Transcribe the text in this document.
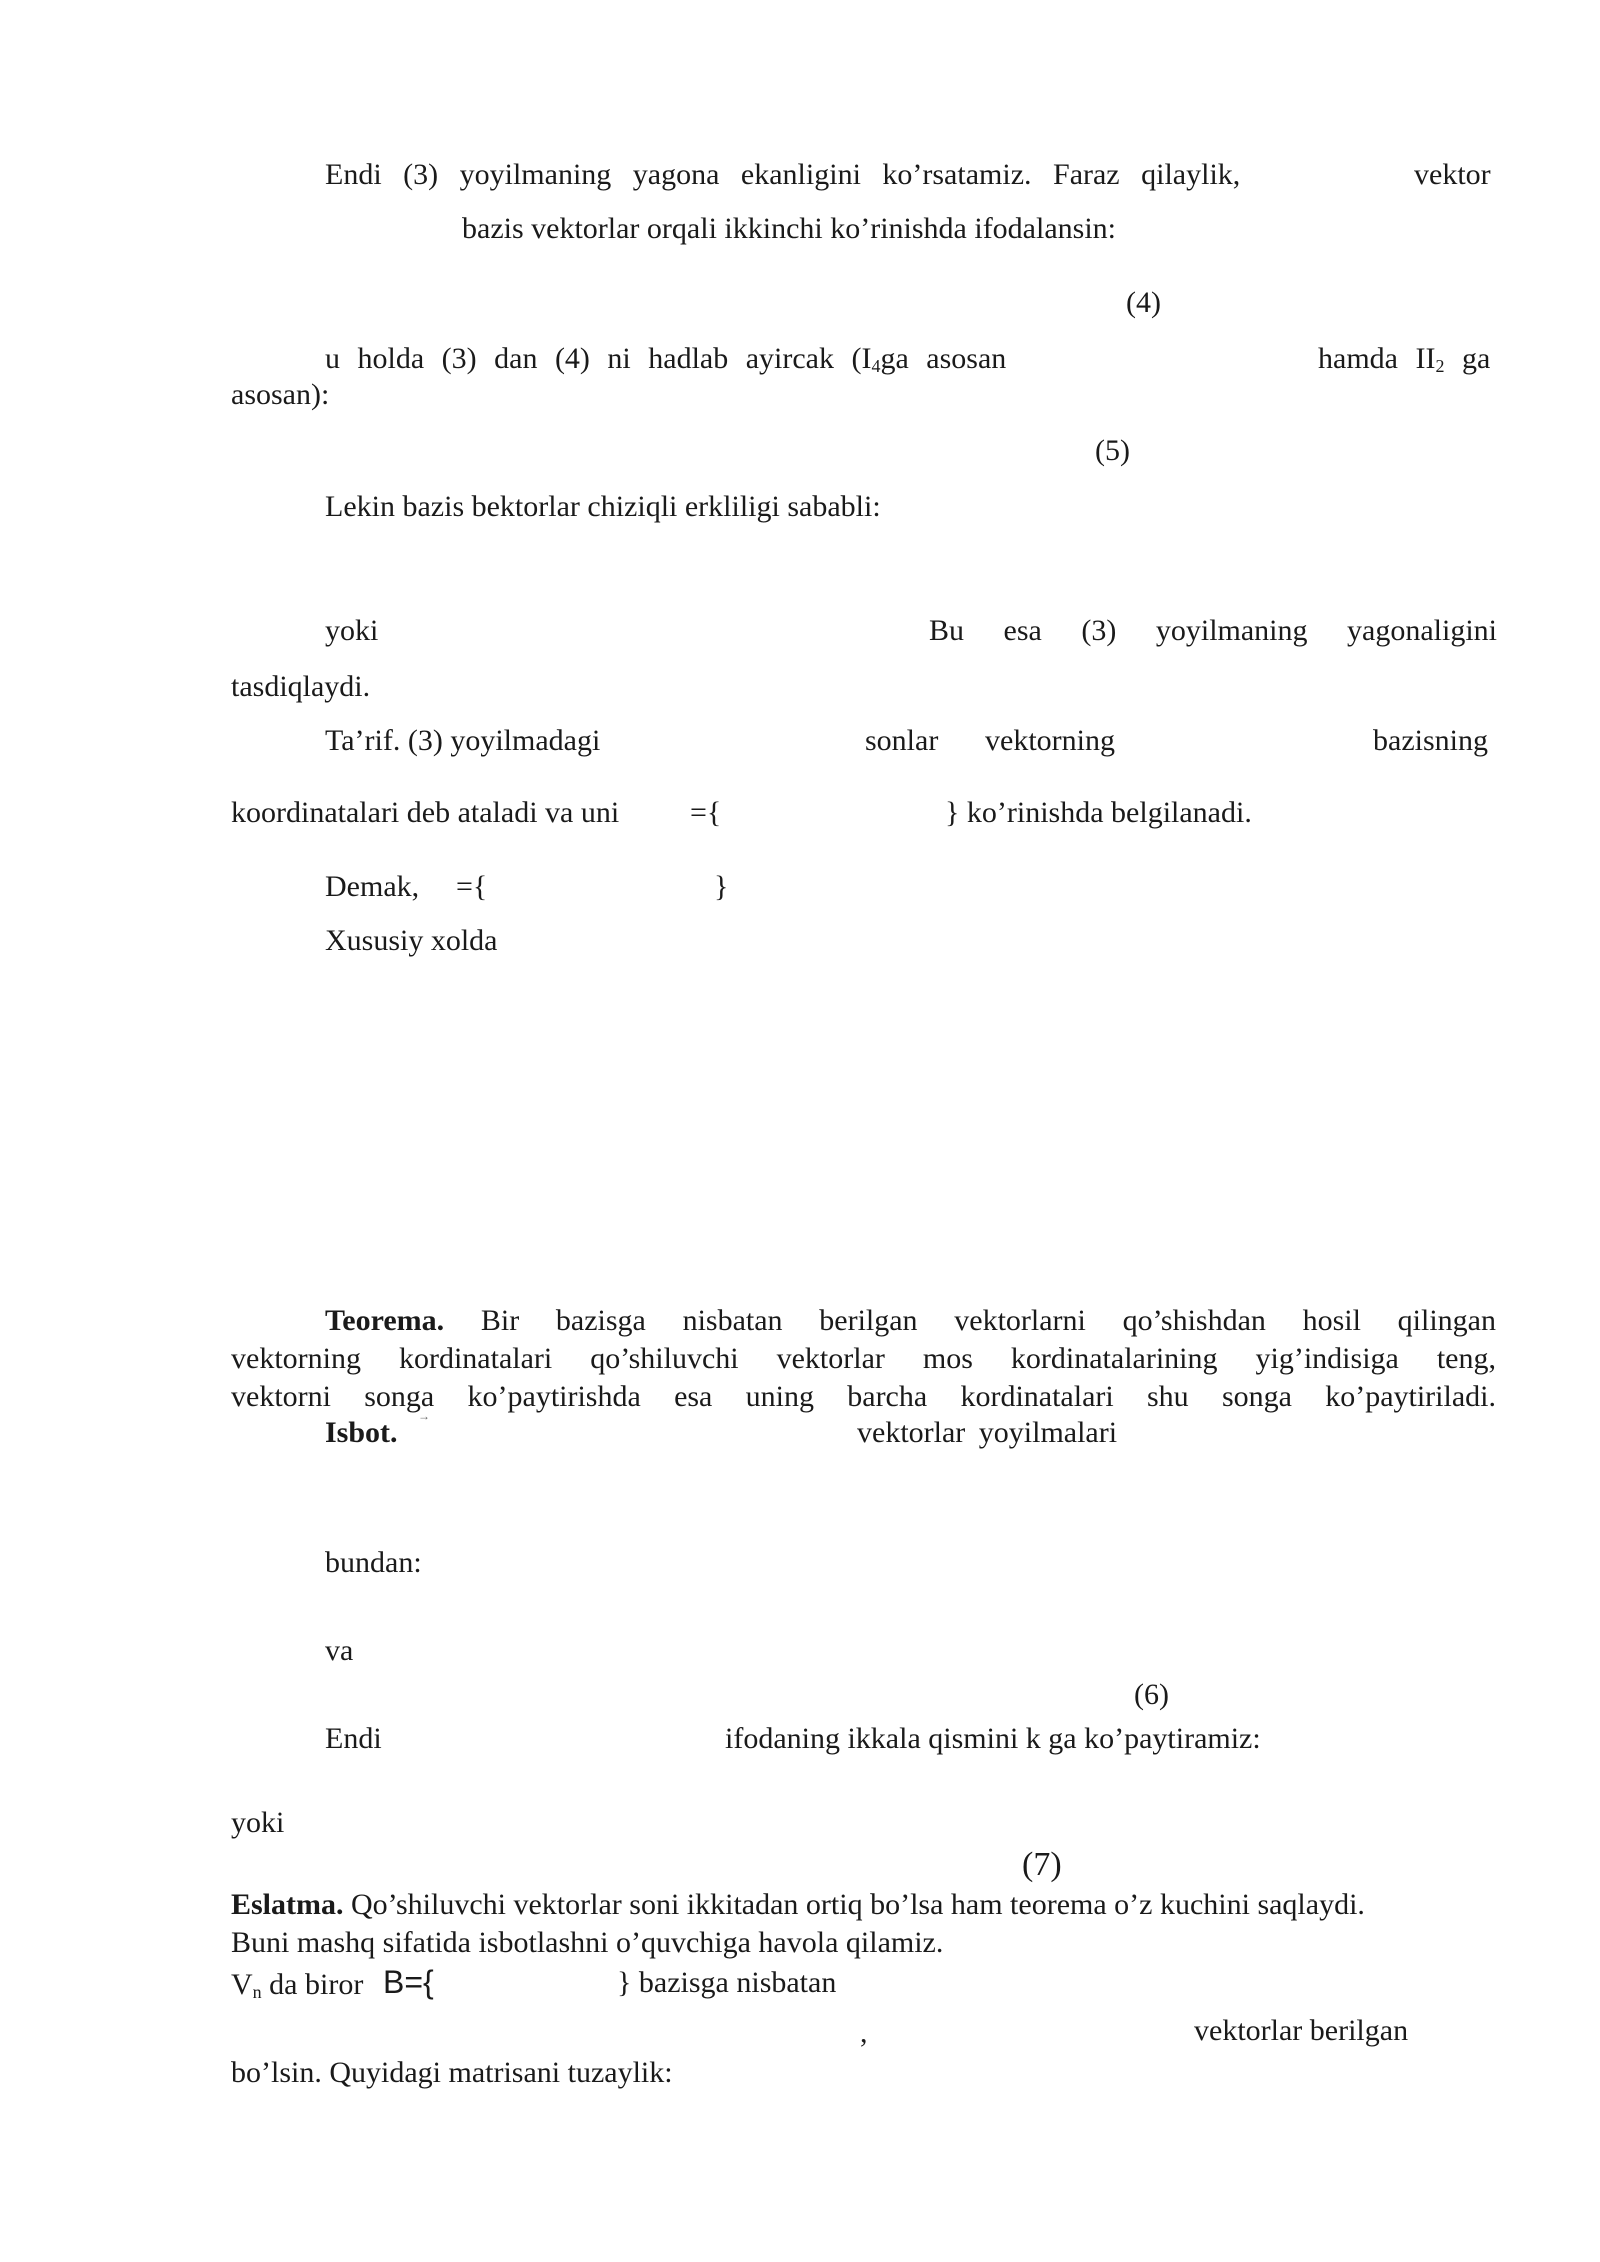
Endi (3) yoyilmaning yagona ekanligini ko’rsatamiz. Faraz qilaylik,	vektor
bazis vektorlar orqali ikkinchi ko’rinishda ifodalansin:
(4)
u holda (3) dan (4) ni hadlab ayircak ($I_4ga$ asosan	hamda $II_2$ ga
asosan):
(5)
Lekin bazis bektorlar chiziqli erkliligi sababli:
yoki	Bu esa (3) yoyilmaning yagonaligini
tasdiqlaydi.
Ta’rif. (3) yoyilmadagi	sonlar vektorning	bazisning
koordinatalari deb ataladi va uni ={	} ko’rinishda belgilanadi.
Demak, ={	}
Xususiy xolda
Teorema. Bir bazisga nisbatan berilgan vektorlarni qo’shishdan hosil qilingan
vektorning kordinatalari qo’shiluvchi vektorlar mos kordinatalarining yig’indisiga teng,
vektorni songa ko’paytirishda esa uning barcha kordinatalari shu songa ko’paytiriladi.
Isbot. →	vektorlar yoyilmalari
bundan:
va
(6)
Endi	ifodaning ikkala qismini k ga ko’paytiramiz:
yoki
(7)
Eslatma. Qo’shiluvchi vektorlar soni ikkitadan ortiq bo’lsa ham teorema o’z kuchini saqlaydi.
Buni mashq sifatida isbotlashni o’quvchiga havola qilamiz.
$V_n$ da biror B={	} bazisga nisbatan
,	vektorlar berilgan
bo’lsin. Quyidagi matrisani tuzaylik:
